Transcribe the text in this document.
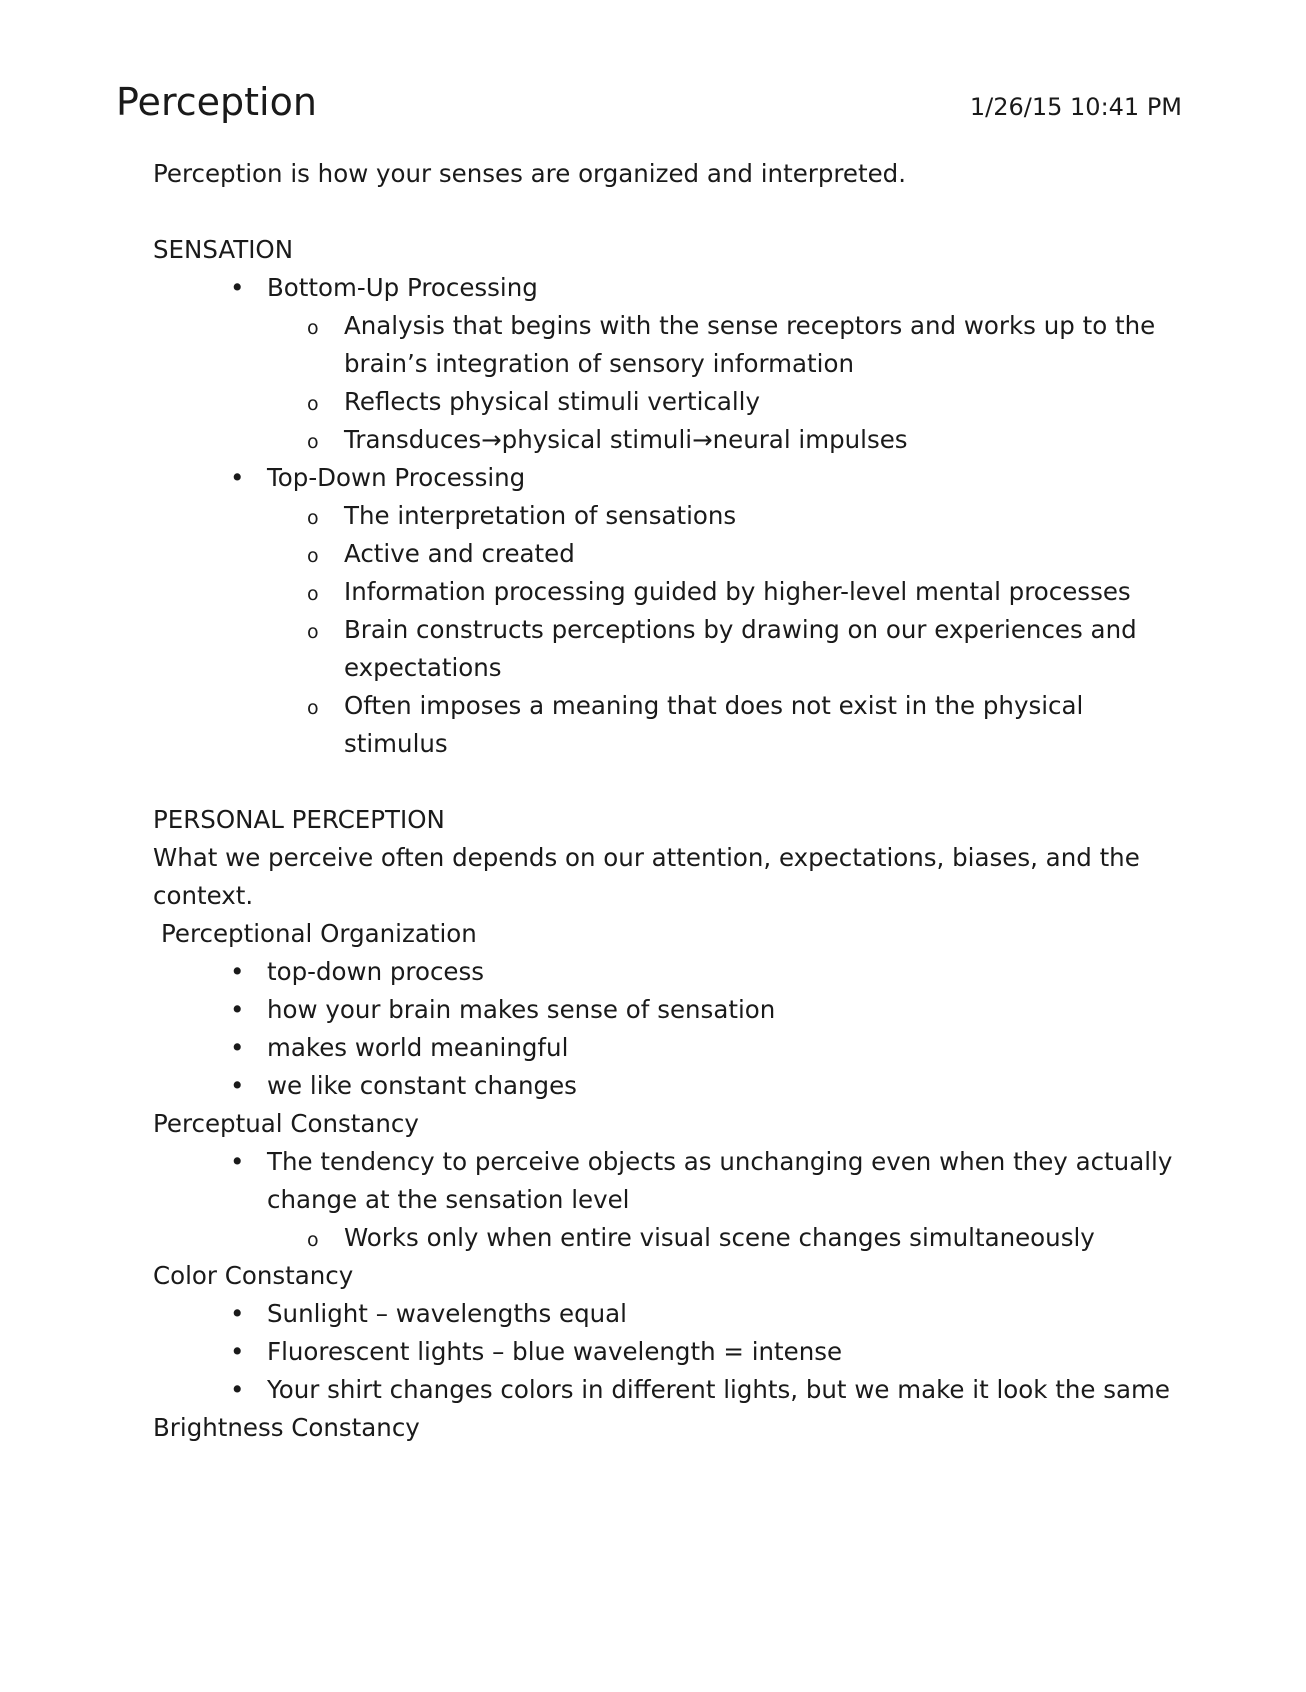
Perception	1/26/15 10:41 PM

Perception is how your senses are organized and interpreted.

SENSATION

• Bottom-Up Processing
o Analysis that begins with the sense receptors and works up to the brain’s integration of sensory information
o Reflects physical stimuli vertically
o Transduces→physical stimuli→neural impulses
• Top-Down Processing
o The interpretation of sensations
o Active and created
o Information processing guided by higher-level mental processes
o Brain constructs perceptions by drawing on our experiences and expectations
o Often imposes a meaning that does not exist in the physical stimulus

PERSONAL PERCEPTION

What we perceive often depends on our attention, expectations, biases, and the context.

Perceptional Organization

• top-down process
• how your brain makes sense of sensation
• makes world meaningful
• we like constant changes

Perceptual Constancy

• The tendency to perceive objects as unchanging even when they actually change at the sensation level
o Works only when entire visual scene changes simultaneously

Color Constancy

• Sunlight – wavelengths equal
• Fluorescent lights – blue wavelength = intense
• Your shirt changes colors in different lights, but we make it look the same

Brightness Constancy
